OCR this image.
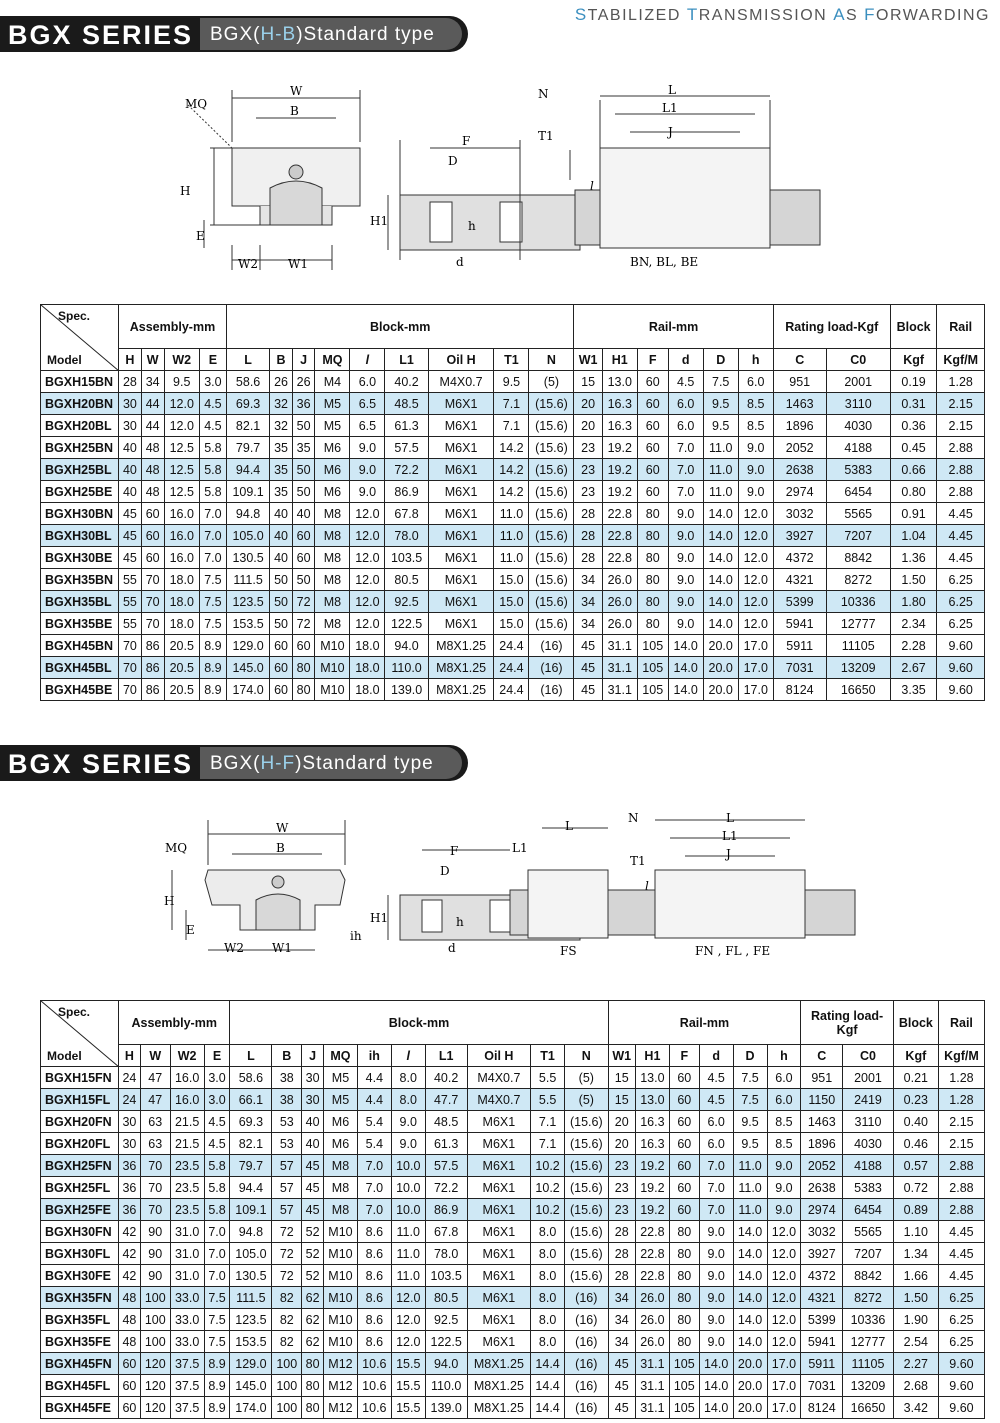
STABILIZED TRANSMISSION AS FORWARDING
BGX SERIES BGX(H-B)Standard type
MQ
W
B
H
E
W2	W1
F
D
d
H1	h
N
T1
L
L1
J
l
BN, BL, BE
Spec.
Model	Assembly-mm				Block-mm									Rail-mm						Rating load-Kgf		Block	Rail
	H	W	W2	E	L	B	J	MQ	l	L1	Oil H	T1	N	W1	H1	F	d	D	h	C	C0	Kgf	Kgf/M
BGXH15BN	28	34	9.5	3.0	58.6	26	26	M4	6.0	40.2	M4X0.7	9.5	(5)	15	13.0	60	4.5	7.5	6.0	951	2001	0.19	1.28
BGXH20BN	30	44	12.0	4.5	69.3	32	36	M5	6.5	48.5	M6X1	7.1	(15.6)	20	16.3	60	6.0	9.5	8.5	1463	3110	0.31	2.15
BGXH20BL	30	44	12.0	4.5	82.1	32	50	M5	6.5	61.3	M6X1	7.1	(15.6)	20	16.3	60	6.0	9.5	8.5	1896	4030	0.36	2.15
BGXH25BN	40	48	12.5	5.8	79.7	35	35	M6	9.0	57.5	M6X1	14.2	(15.6)	23	19.2	60	7.0	11.0	9.0	2052	4188	0.45	2.88
BGXH25BL	40	48	12.5	5.8	94.4	35	50	M6	9.0	72.2	M6X1	14.2	(15.6)	23	19.2	60	7.0	11.0	9.0	2638	5383	0.66	2.88
BGXH25BE	40	48	12.5	5.8	109.1	35	50	M6	9.0	86.9	M6X1	14.2	(15.6)	23	19.2	60	7.0	11.0	9.0	2974	6454	0.80	2.88
BGXH30BN	45	60	16.0	7.0	94.8	40	40	M8	12.0	67.8	M6X1	11.0	(15.6)	28	22.8	80	9.0	14.0	12.0	3032	5565	0.91	4.45
BGXH30BL	45	60	16.0	7.0	105.0	40	60	M8	12.0	78.0	M6X1	11.0	(15.6)	28	22.8	80	9.0	14.0	12.0	3927	7207	1.04	4.45
BGXH30BE	45	60	16.0	7.0	130.5	40	60	M8	12.0	103.5	M6X1	11.0	(15.6)	28	22.8	80	9.0	14.0	12.0	4372	8842	1.36	4.45
BGXH35BN	55	70	18.0	7.5	111.5	50	50	M8	12.0	80.5	M6X1	15.0	(15.6)	34	26.0	80	9.0	14.0	12.0	4321	8272	1.50	6.25
BGXH35BL	55	70	18.0	7.5	123.5	50	72	M8	12.0	92.5	M6X1	15.0	(15.6)	34	26.0	80	9.0	14.0	12.0	5399	10336	1.80	6.25
BGXH35BE	55	70	18.0	7.5	153.5	50	72	M8	12.0	122.5	M6X1	15.0	(15.6)	34	26.0	80	9.0	14.0	12.0	5941	12777	2.34	6.25
BGXH45BN	70	86	20.5	8.9	129.0	60	60	M10	18.0	94.0	M8X1.25	24.4	(16)	45	31.1	105	14.0	20.0	17.0	5911	11105	2.28	9.60
BGXH45BL	70	86	20.5	8.9	145.0	60	80	M10	18.0	110.0	M8X1.25	24.4	(16)	45	31.1	105	14.0	20.0	17.0	7031	13209	2.67	9.60
BGXH45BE	70	86	20.5	8.9	174.0	60	80	M10	18.0	139.0	M8X1.25	24.4	(16)	45	31.1	105	14.0	20.0	17.0	8124	16650	3.35	9.60
BGX SERIES BGX(H-F)Standard type
MQ
W
B
H
E
W2 W1
ih
F
D
d
H1	h
L1
L
N
T1
L
L1
J
l
FS	FN , FL , FE
Spec.
Model	Assembly-mm				Block-mm										Rail-mm						Rating load-Kgf		Block	Rail
	H	W	W2	E	L	B	J	MQ	ih	l	L1	Oil H	T1	N	W1	H1	F	d	D	h	C	C0	Kgf	Kgf/M
BGXH15FN	24	47	16.0	3.0	58.6	38	30	M5	4.4	8.0	40.2	M4X0.7	5.5	(5)	15	13.0	60	4.5	7.5	6.0	951	2001	0.21	1.28
BGXH15FL	24	47	16.0	3.0	66.1	38	30	M5	4.4	8.0	47.7	M4X0.7	5.5	(5)	15	13.0	60	4.5	7.5	6.0	1150	2419	0.23	1.28
BGXH20FN	30	63	21.5	4.5	69.3	53	40	M6	5.4	9.0	48.5	M6X1	7.1	(15.6)	20	16.3	60	6.0	9.5	8.5	1463	3110	0.40	2.15
BGXH20FL	30	63	21.5	4.5	82.1	53	40	M6	5.4	9.0	61.3	M6X1	7.1	(15.6)	20	16.3	60	6.0	9.5	8.5	1896	4030	0.46	2.15
BGXH25FN	36	70	23.5	5.8	79.7	57	45	M8	7.0	10.0	57.5	M6X1	10.2	(15.6)	23	19.2	60	7.0	11.0	9.0	2052	4188	0.57	2.88
BGXH25FL	36	70	23.5	5.8	94.4	57	45	M8	7.0	10.0	72.2	M6X1	10.2	(15.6)	23	19.2	60	7.0	11.0	9.0	2638	5383	0.72	2.88
BGXH25FE	36	70	23.5	5.8	109.1	57	45	M8	7.0	10.0	86.9	M6X1	10.2	(15.6)	23	19.2	60	7.0	11.0	9.0	2974	6454	0.89	2.88
BGXH30FN	42	90	31.0	7.0	94.8	72	52	M10	8.6	11.0	67.8	M6X1	8.0	(15.6)	28	22.8	80	9.0	14.0	12.0	3032	5565	1.10	4.45
BGXH30FL	42	90	31.0	7.0	105.0	72	52	M10	8.6	11.0	78.0	M6X1	8.0	(15.6)	28	22.8	80	9.0	14.0	12.0	3927	7207	1.34	4.45
BGXH30FE	42	90	31.0	7.0	130.5	72	52	M10	8.6	11.0	103.5	M6X1	8.0	(15.6)	28	22.8	80	9.0	14.0	12.0	4372	8842	1.66	4.45
BGXH35FN	48	100	33.0	7.5	111.5	82	62	M10	8.6	12.0	80.5	M6X1	8.0	(16)	34	26.0	80	9.0	14.0	12.0	4321	8272	1.50	6.25
BGXH35FL	48	100	33.0	7.5	123.5	82	62	M10	8.6	12.0	92.5	M6X1	8.0	(16)	34	26.0	80	9.0	14.0	12.0	5399	10336	1.90	6.25
BGXH35FE	48	100	33.0	7.5	153.5	82	62	M10	8.6	12.0	122.5	M6X1	8.0	(16)	34	26.0	80	9.0	14.0	12.0	5941	12777	2.54	6.25
BGXH45FN	60	120	37.5	8.9	129.0	100	80	M12	10.6	15.5	94.0	M8X1.25	14.4	(16)	45	31.1	105	14.0	20.0	17.0	5911	11105	2.27	9.60
BGXH45FL	60	120	37.5	8.9	145.0	100	80	M12	10.6	15.5	110.0	M8X1.25	14.4	(16)	45	31.1	105	14.0	20.0	17.0	7031	13209	2.68	9.60
BGXH45FE	60	120	37.5	8.9	174.0	100	80	M12	10.6	15.5	139.0	M8X1.25	14.4	(16)	45	31.1	105	14.0	20.0	17.0	8124	16650	3.42	9.60
